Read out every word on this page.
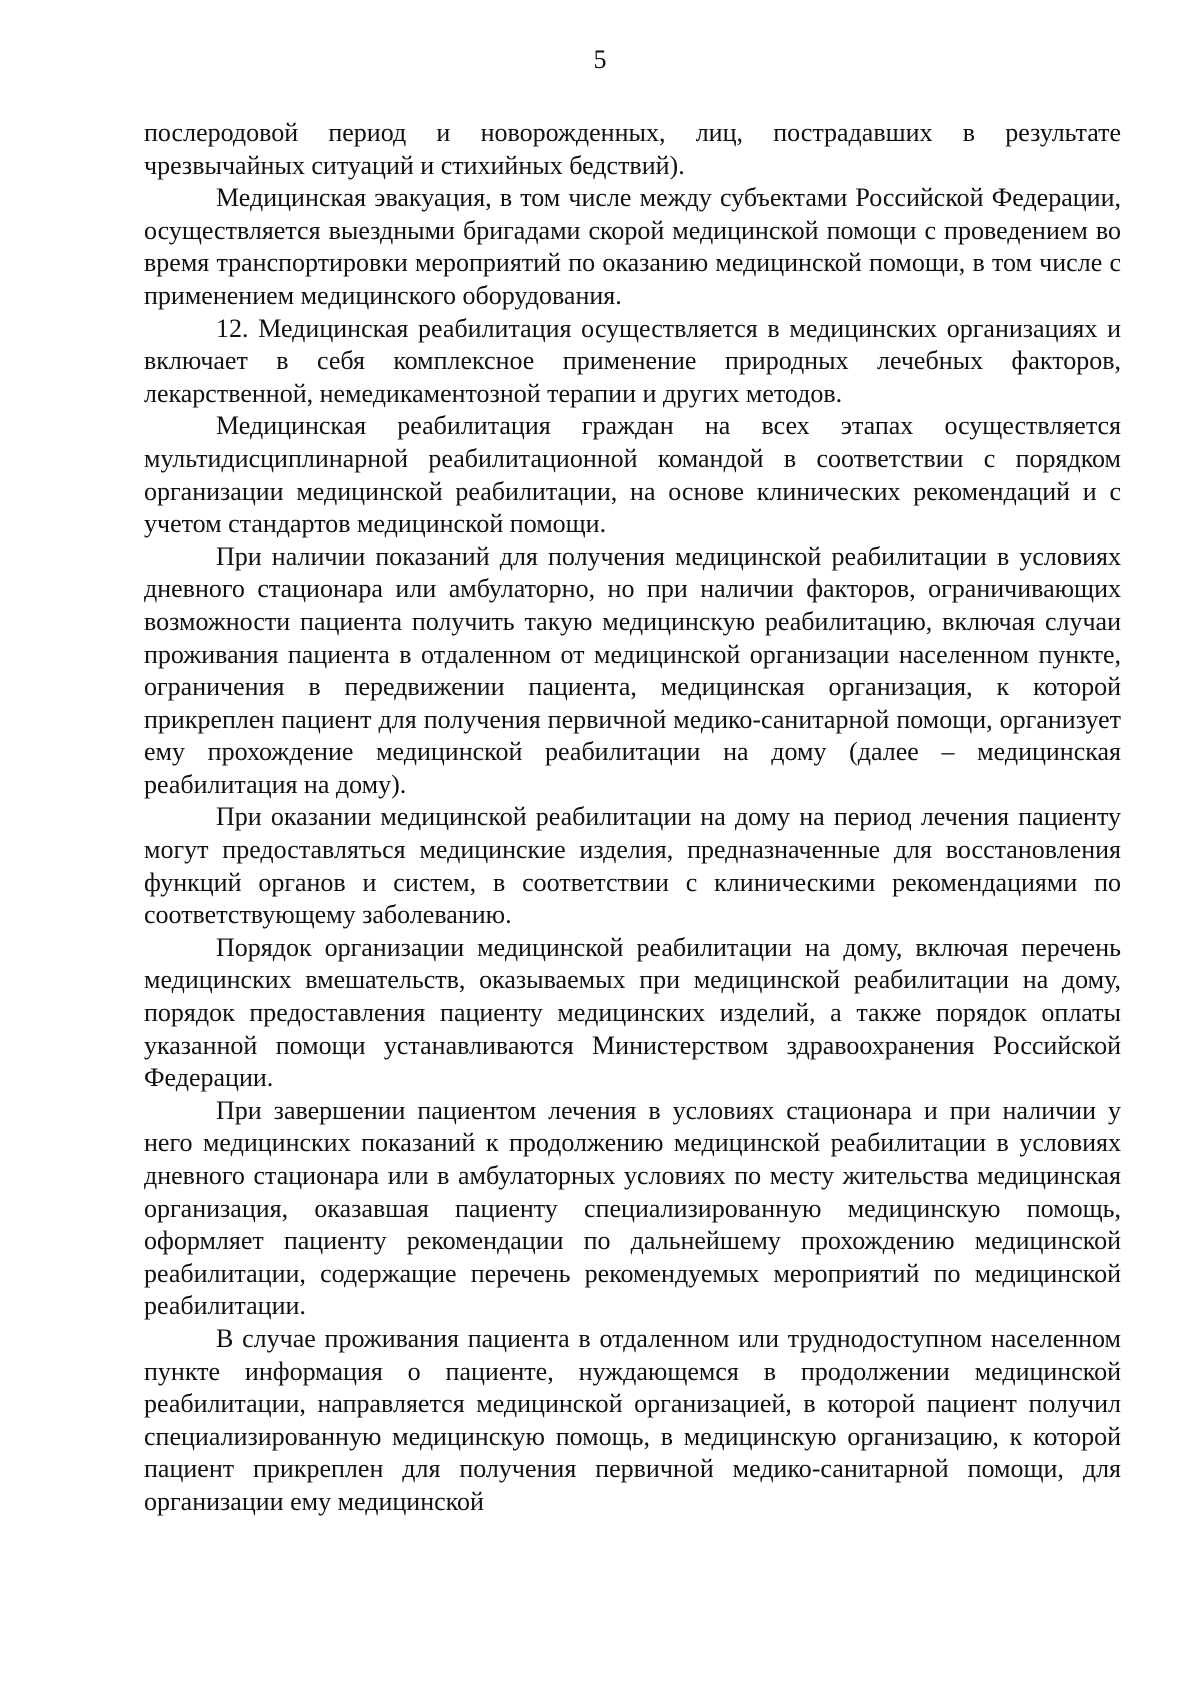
5

послеродовой период и новорожденных, лиц, пострадавших в результате чрезвычайных ситуаций и стихийных бедствий).

Медицинская эвакуация, в том числе между субъектами Российской Федерации, осуществляется выездными бригадами скорой медицинской помощи с проведением во время транспортировки мероприятий по оказанию медицинской помощи, в том числе с применением медицинского оборудования.

12. Медицинская реабилитация осуществляется в медицинских организациях и включает в себя комплексное применение природных лечебных факторов, лекарственной, немедикаментозной терапии и других методов.

Медицинская реабилитация граждан на всех этапах осуществляется мультидисциплинарной реабилитационной командой в соответствии с порядком организации медицинской реабилитации, на основе клинических рекомендаций и с учетом стандартов медицинской помощи.

При наличии показаний для получения медицинской реабилитации в условиях дневного стационара или амбулаторно, но при наличии факторов, ограничивающих возможности пациента получить такую медицинскую реабилитацию, включая случаи проживания пациента в отдаленном от медицинской организации населенном пункте, ограничения в передвижении пациента, медицинская организация, к которой прикреплен пациент для получения первичной медико-санитарной помощи, организует ему прохождение медицинской реабилитации на дому (далее – медицинская реабилитация на дому).

При оказании медицинской реабилитации на дому на период лечения пациенту могут предоставляться медицинские изделия, предназначенные для восстановления функций органов и систем, в соответствии с клиническими рекомендациями по соответствующему заболеванию.

Порядок организации медицинской реабилитации на дому, включая перечень медицинских вмешательств, оказываемых при медицинской реабилитации на дому, порядок предоставления пациенту медицинских изделий, а также порядок оплаты указанной помощи устанавливаются Министерством здравоохранения Российской Федерации.

При завершении пациентом лечения в условиях стационара и при наличии у него медицинских показаний к продолжению медицинской реабилитации в условиях дневного стационара или в амбулаторных условиях по месту жительства медицинская организация, оказавшая пациенту специализированную медицинскую помощь, оформляет пациенту рекомендации по дальнейшему прохождению медицинской реабилитации, содержащие перечень рекомендуемых мероприятий по медицинской реабилитации.

В случае проживания пациента в отдаленном или труднодоступном населенном пункте информация о пациенте, нуждающемся в продолжении медицинской реабилитации, направляется медицинской организацией, в которой пациент получил специализированную медицинскую помощь, в медицинскую организацию, к которой пациент прикреплен для получения первичной медико-санитарной помощи, для организации ему медицинской
